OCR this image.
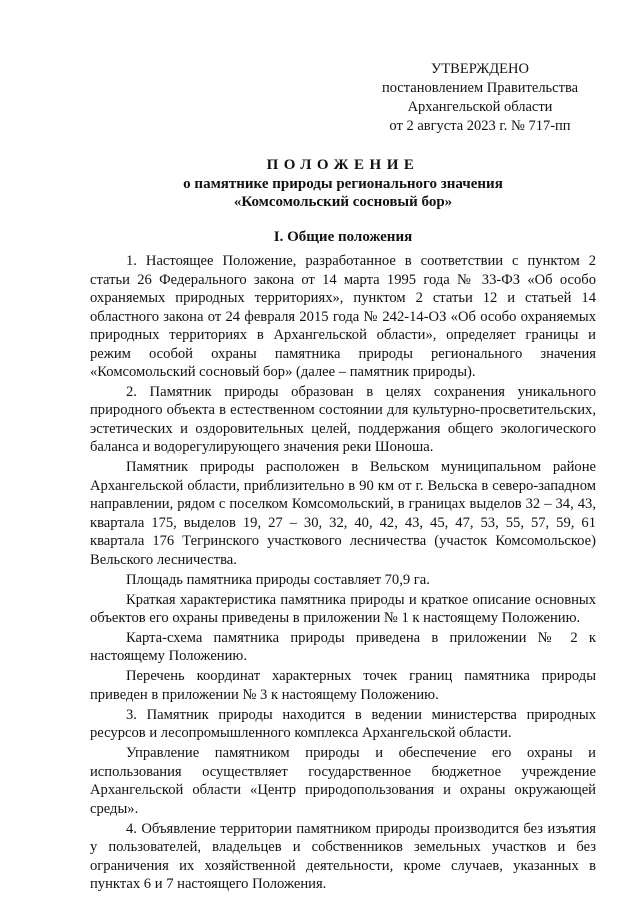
УТВЕРЖДЕНО
постановлением Правительства
Архангельской области
от 2 августа 2023 г. № 717-пп
ПОЛОЖЕНИЕ
о памятнике природы регионального значения
«Комсомольский сосновый бор»
I. Общие положения

1. Настоящее Положение, разработанное в соответствии с пунктом 2 статьи 26 Федерального закона от 14 марта 1995 года № 33-ФЗ «Об особо охраняемых природных территориях», пунктом 2 статьи 12 и статьей 14 областного закона от 24 февраля 2015 года № 242-14-ОЗ «Об особо охраняемых природных территориях в Архангельской области», определяет границы и режим особой охраны памятника природы регионального значения «Комсомольский сосновый бор» (далее – памятник природы).

2. Памятник природы образован в целях сохранения уникального природного объекта в естественном состоянии для культурно-просветительских, эстетических и оздоровительных целей, поддержания общего экологического баланса и водорегулирующего значения реки Шоноша.

Памятник природы расположен в Вельском муниципальном районе Архангельской области, приблизительно в 90 км от г. Вельска в северо-западном направлении, рядом с поселком Комсомольский, в границах выделов 32 – 34, 43, квартала 175, выделов 19, 27 – 30, 32, 40, 42, 43, 45, 47, 53, 55, 57, 59, 61 квартала 176 Тегринского участкового лесничества (участок Комсомольское) Вельского лесничества.

Площадь памятника природы составляет 70,9 га.

Краткая характеристика памятника природы и краткое описание основных объектов его охраны приведены в приложении № 1 к настоящему Положению.

Карта-схема памятника природы приведена в приложении № 2 к настоящему Положению.

Перечень координат характерных точек границ памятника природы приведен в приложении № 3 к настоящему Положению.

3. Памятник природы находится в ведении министерства природных ресурсов и лесопромышленного комплекса Архангельской области.

Управление памятником природы и обеспечение его охраны и использования осуществляет государственное бюджетное учреждение Архангельской области «Центр природопользования и охраны окружающей среды».

4. Объявление территории памятником природы производится без изъятия у пользователей, владельцев и собственников земельных участков и без ограничения их хозяйственной деятельности, кроме случаев, указанных в пунктах 6 и 7 настоящего Положения.
